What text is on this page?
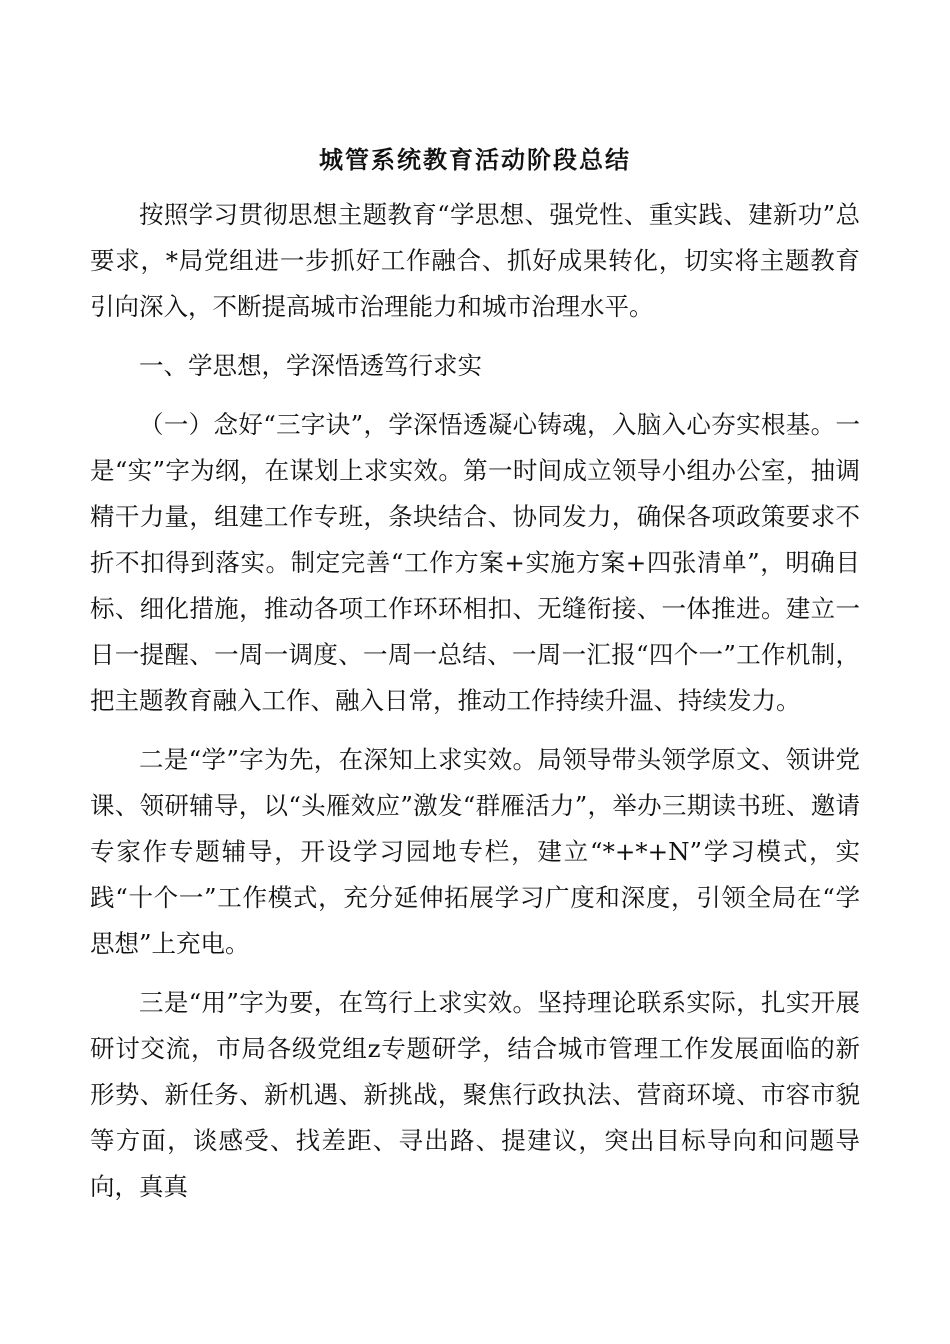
城管系统教育活动阶段总结

按照学习贯彻思想主题教育“学思想、强党性、重实践、建新功”总要求，*局党组进一步抓好工作融合、抓好成果转化，切实将主题教育引向深入，不断提高城市治理能力和城市治理水平。

一、学思想，学深悟透笃行求实

（一）念好“三字诀”，学深悟透凝心铸魂，入脑入心夯实根基。一是“实”字为纲，在谋划上求实效。第一时间成立领导小组办公室，抽调精干力量，组建工作专班，条块结合、协同发力，确保各项政策要求不折不扣得到落实。制定完善“工作方案+实施方案+四张清单”，明确目标、细化措施，推动各项工作环环相扣、无缝衔接、一体推进。建立一日一提醒、一周一调度、一周一总结、一周一汇报“四个一”工作机制，把主题教育融入工作、融入日常，推动工作持续升温、持续发力。

二是“学”字为先，在深知上求实效。局领导带头领学原文、领讲党课、领研辅导，以“头雁效应”激发“群雁活力”，举办三期读书班、邀请专家作专题辅导，开设学习园地专栏，建立“*+*+N”学习模式，实践“十个一”工作模式，充分延伸拓展学习广度和深度，引领全局在“学思想”上充电。

三是“用”字为要，在笃行上求实效。坚持理论联系实际，扎实开展研讨交流，市局各级党组z专题研学，结合城市管理工作发展面临的新形势、新任务、新机遇、新挑战，聚焦行政执法、营商环境、市容市貌等方面，谈感受、找差距、寻出路、提建议，突出目标导向和问题导向，真真
